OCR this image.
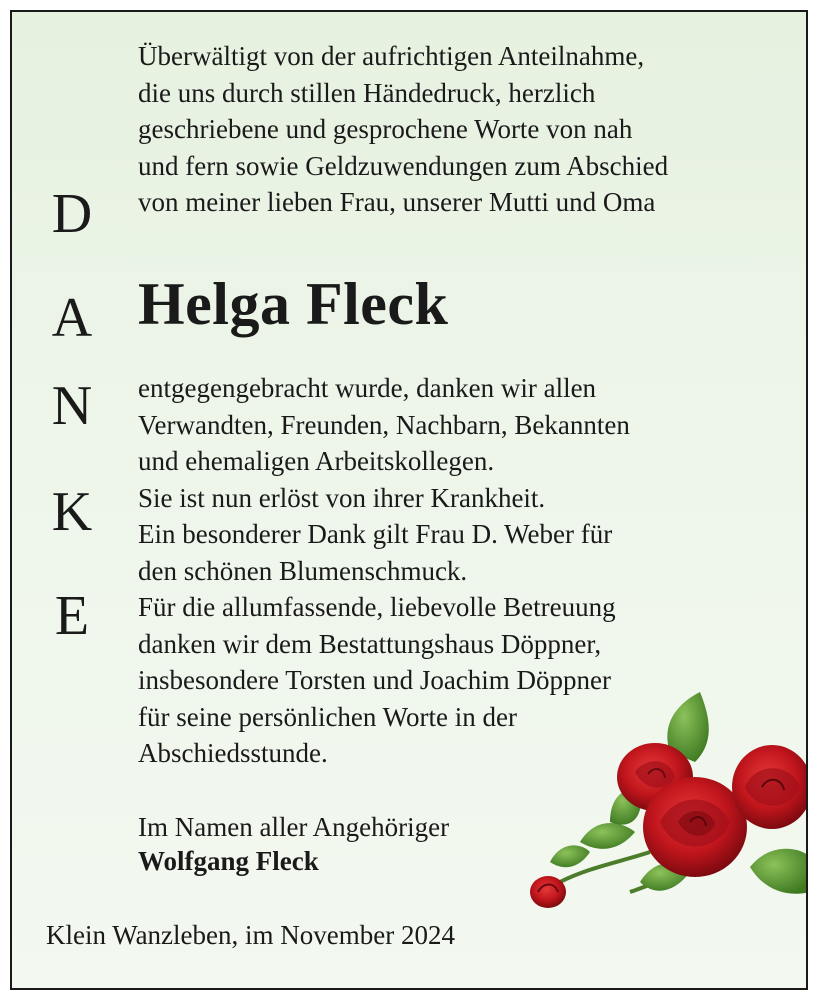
D
A
N
K
E
Überwältigt von der aufrichtigen Anteilnahme,
die uns durch stillen Händedruck, herzlich
geschriebene und gesprochene Worte von nah
und fern sowie Geldzuwendungen zum Abschied
von meiner lieben Frau, unserer Mutti und Oma
Helga Fleck
entgegengebracht wurde, danken wir allen
Verwandten, Freunden, Nachbarn, Bekannten
und ehemaligen Arbeitskollegen.
Sie ist nun erlöst von ihrer Krankheit.
Ein besonderer Dank gilt Frau D. Weber für
den schönen Blumenschmuck.
Für die allumfassende, liebevolle Betreuung
danken wir dem Bestattungshaus Döppner,
insbesondere Torsten und Joachim Döppner
für seine persönlichen Worte in der
Abschiedsstunde.
Im Namen aller Angehöriger
Wolfgang Fleck
Klein Wanzleben, im November 2024
